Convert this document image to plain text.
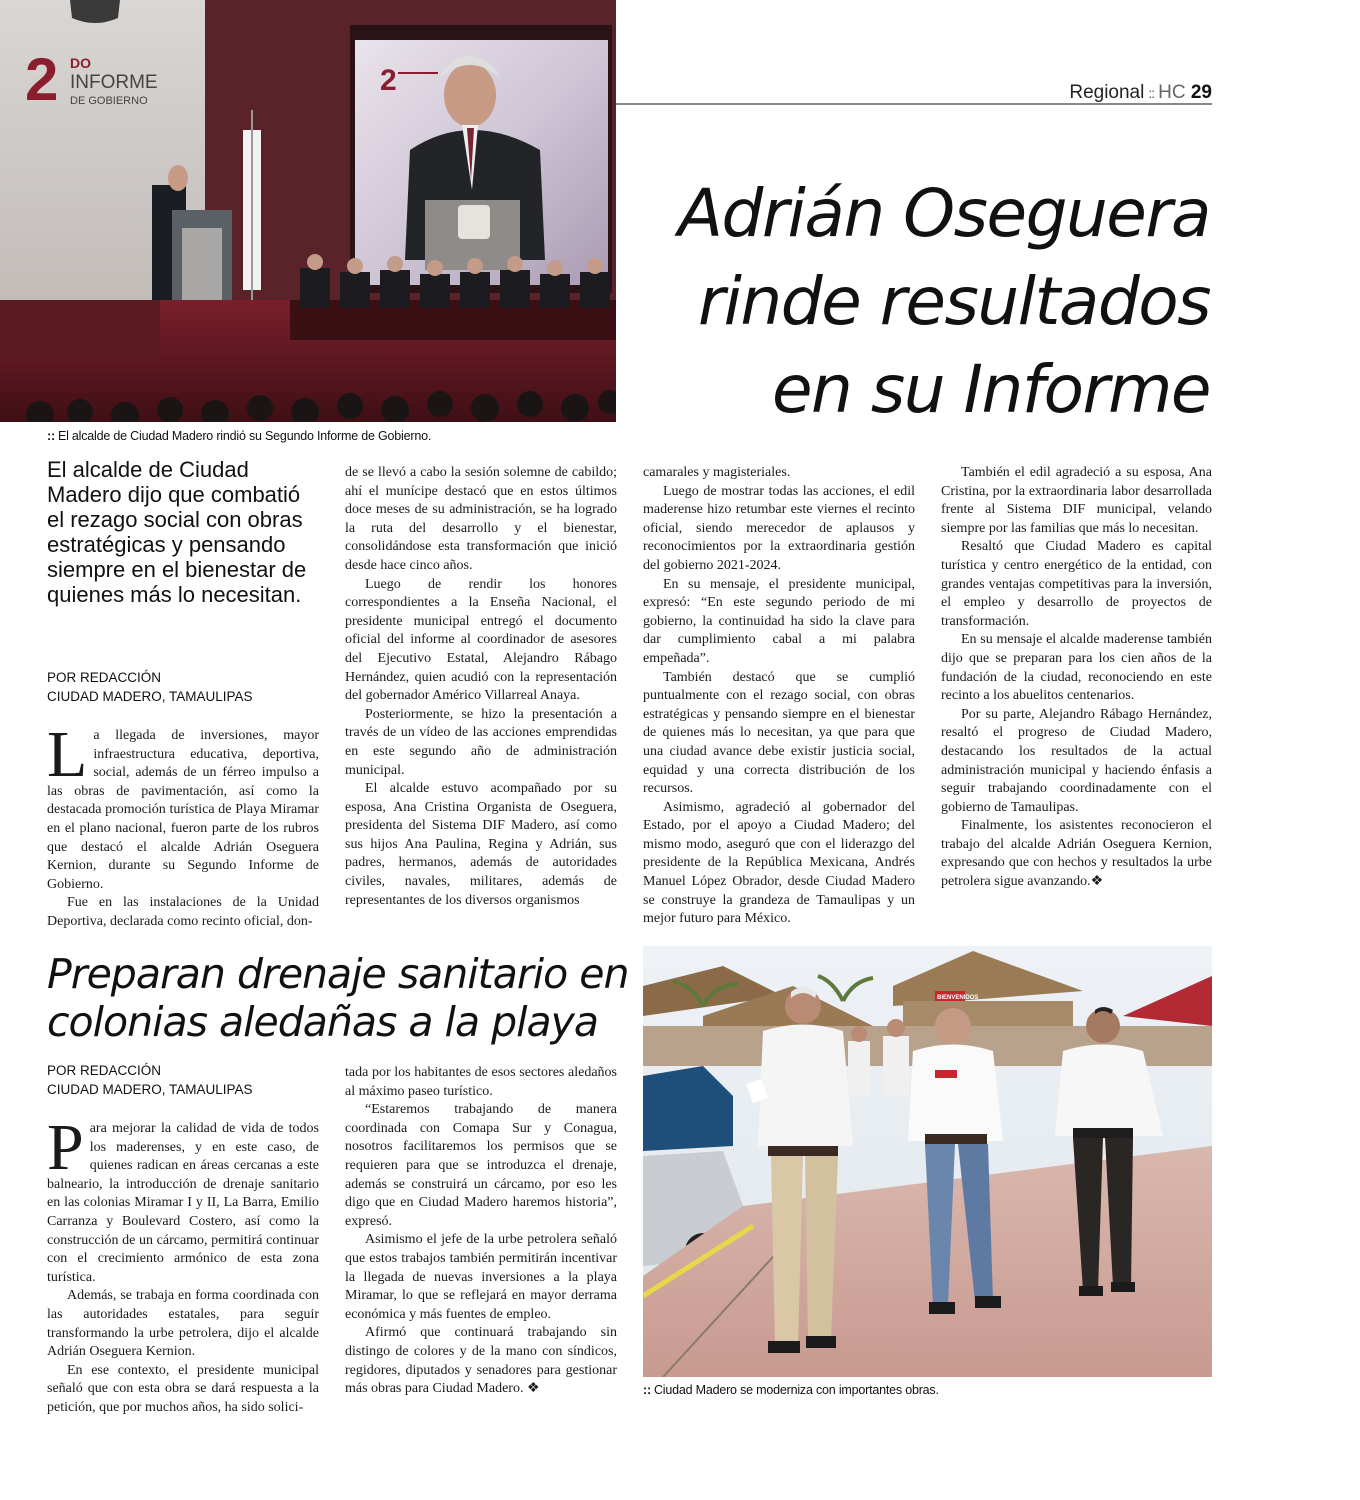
Regional :: HC 29
2
2 DO
INFORME
DE GOBIERNO
:: El alcalde de Ciudad Madero rindió su Segundo Informe de Gobierno.
Adrián Oseguera rinde resultados en su Informe
El alcalde de Ciudad Madero dijo que combatió el rezago social con obras estratégicas y pensando siempre en el bienestar de quienes más lo necesitan.
POR REDACCIÓN
CIUDAD MADERO, TAMAULIPAS

La llegada de inversiones, mayor infraestructura educativa, deportiva, social, además de un férreo impulso a las obras de pavimentación, así como la destacada promoción turística de Playa Miramar en el plano nacional, fueron parte de los rubros que destacó el alcalde Adrián Oseguera Kernion, durante su Segundo Informe de Gobierno.

Fue en las instalaciones de la Unidad Deportiva, declarada como recinto oficial, don-

de se llevó a cabo la sesión solemne de cabildo; ahí el munícipe destacó que en estos últimos doce meses de su administración, se ha logrado la ruta del desarrollo y el bienestar, consolidándose esta transformación que inició desde hace cinco años.

Luego de rendir los honores correspondientes a la Enseña Nacional, el presidente municipal entregó el documento oficial del informe al coordinador de asesores del Ejecutivo Estatal, Alejandro Rábago Hernández, quien acudió con la representación del gobernador Américo Villarreal Anaya.

Posteriormente, se hizo la presentación a través de un vídeo de las acciones emprendidas en este segundo año de administración municipal.

El alcalde estuvo acompañado por su esposa, Ana Cristina Organista de Oseguera, presidenta del Sistema DIF Madero, así como sus hijos Ana Paulina, Regina y Adrián, sus padres, hermanos, además de autoridades civiles, navales, militares, además de representantes de los diversos organismos

camarales y magisteriales.

Luego de mostrar todas las acciones, el edil maderense hizo retumbar este viernes el recinto oficial, siendo merecedor de aplausos y reconocimientos por la extraordinaria gestión del gobierno 2021-2024.

En su mensaje, el presidente municipal, expresó: “En este segundo periodo de mi gobierno, la continuidad ha sido la clave para dar cumplimiento cabal a mi palabra empeñada”.

También destacó que se cumplió puntualmente con el rezago social, con obras estratégicas y pensando siempre en el bienestar de quienes más lo necesitan, ya que para que una ciudad avance debe existir justicia social, equidad y una correcta distribución de los recursos.

Asimismo, agradeció al gobernador del Estado, por el apoyo a Ciudad Madero; del mismo modo, aseguró que con el liderazgo del presidente de la República Mexicana, Andrés Manuel López Obrador, desde Ciudad Madero se construye la grandeza de Tamaulipas y un mejor futuro para México.

También el edil agradeció a su esposa, Ana Cristina, por la extraordinaria labor desarrollada frente al Sistema DIF municipal, velando siempre por las familias que más lo necesitan.

Resaltó que Ciudad Madero es capital turística y centro energético de la entidad, con grandes ventajas competitivas para la inversión, el empleo y desarrollo de proyectos de transformación.

En su mensaje el alcalde maderense también dijo que se preparan para los cien años de la fundación de la ciudad, reconociendo en este recinto a los abuelitos centenarios.

Por su parte, Alejandro Rábago Hernández, resaltó el progreso de Ciudad Madero, destacando los resultados de la actual administración municipal y haciendo énfasis a seguir trabajando coordinadamente con el gobierno de Tamaulipas.

Finalmente, los asistentes reconocieron el trabajo del alcalde Adrián Oseguera Kernion, expresando que con hechos y resultados la urbe petrolera sigue avanzando.❖

Preparan drenaje sanitario en colonias aledañas a la playa
POR REDACCIÓN
CIUDAD MADERO, TAMAULIPAS

Para mejorar la calidad de vida de todos los maderenses, y en este caso, de quienes radican en áreas cercanas a este balneario, la introducción de drenaje sanitario en las colonias Miramar I y II, La Barra, Emilio Carranza y Boulevard Costero, así como la construcción de un cárcamo, permitirá continuar con el crecimiento armónico de esta zona turística.

Además, se trabaja en forma coordinada con las autoridades estatales, para seguir transformando la urbe petrolera, dijo el alcalde Adrián Oseguera Kernion.

En ese contexto, el presidente municipal señaló que con esta obra se dará respuesta a la petición, que por muchos años, ha sido solici-

tada por los habitantes de esos sectores aledaños al máximo paseo turístico.

“Estaremos trabajando de manera coordinada con Comapa Sur y Conagua, nosotros facilitaremos los permisos que se requieren para que se introduzca el drenaje, además se construirá un cárcamo, por eso les digo que en Ciudad Madero haremos historia”, expresó.

Asimismo el jefe de la urbe petrolera señaló que estos trabajos también permitirán incentivar la llegada de nuevas inversiones a la playa Miramar, lo que se reflejará en mayor derrama económica y más fuentes de empleo.

Afirmó que continuará trabajando sin distingo de colores y de la mano con síndicos, regidores, diputados y senadores para gestionar más obras para Ciudad Madero. ❖

BIENVENIDOS
:: Ciudad Madero se moderniza con importantes obras.
